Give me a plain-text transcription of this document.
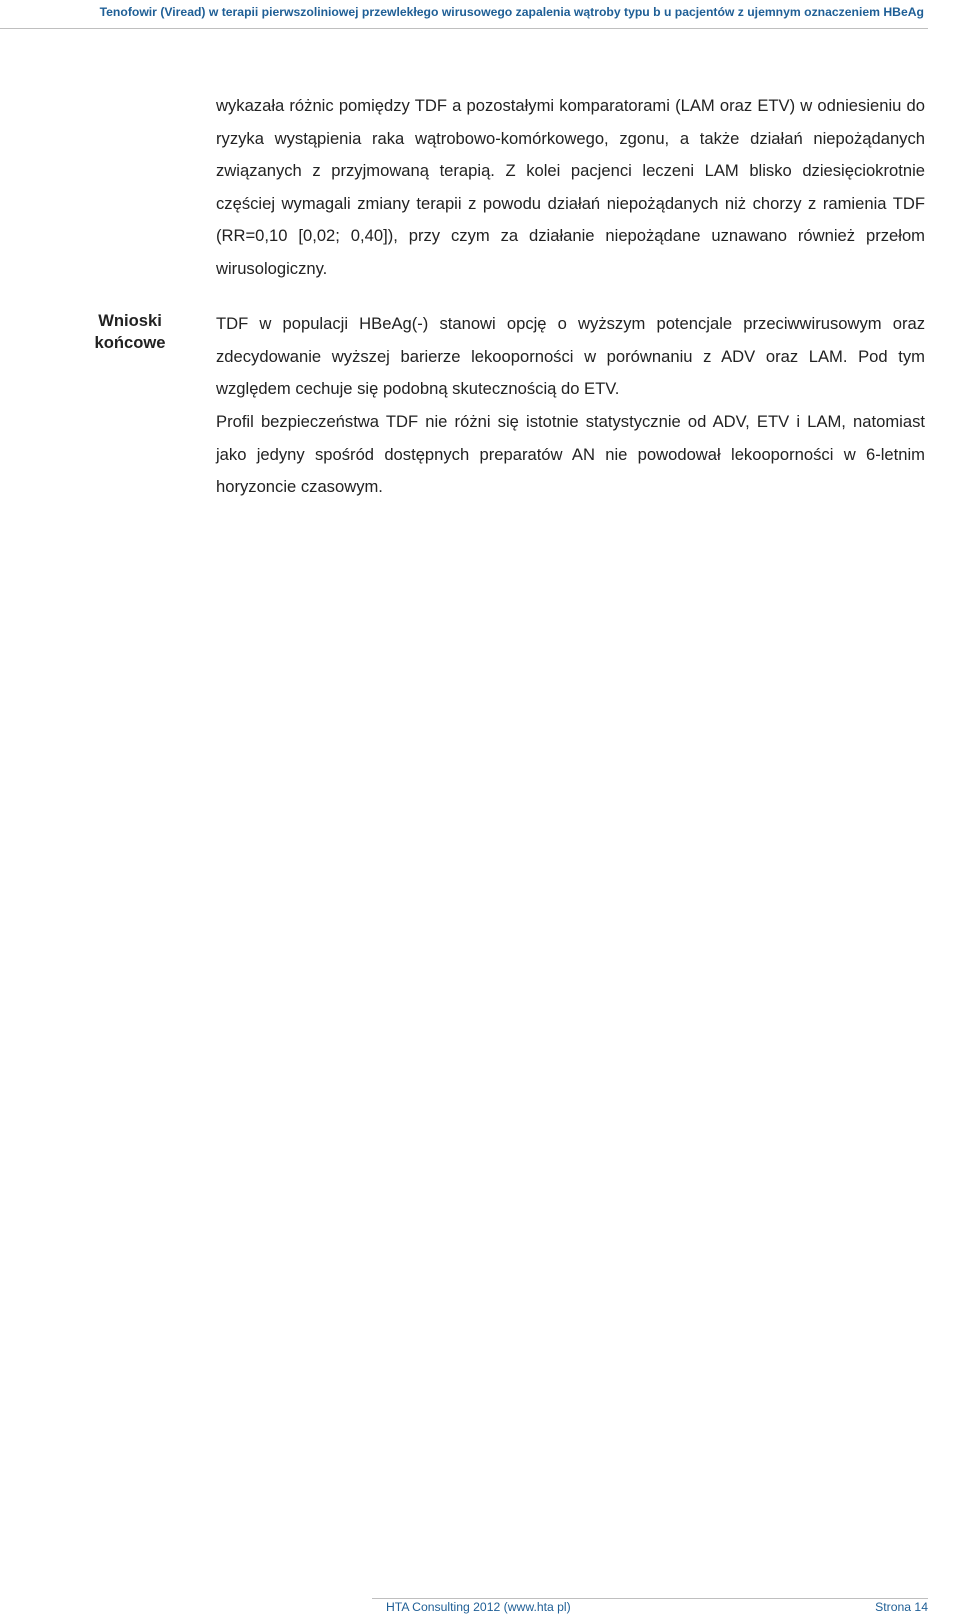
Tenofowir (Viread) w terapii pierwszoliniowej przewlekłego wirusowego zapalenia wątroby typu b u pacjentów z ujemnym oznaczeniem HBeAg

wykazała różnic pomiędzy TDF a pozostałymi komparatorami (LAM oraz ETV) w odniesieniu do ryzyka wystąpienia raka wątrobowo-komórkowego, zgonu, a także działań niepożądanych związanych z przyjmowaną terapią. Z kolei pacjenci leczeni LAM blisko dziesięciokrotnie częściej wymagali zmiany terapii z powodu działań niepożądanych niż chorzy z ramienia TDF (RR=0,10 [0,02; 0,40]), przy czym za działanie niepożądane uznawano również przełom wirusologiczny.

Wnioski końcowe

TDF w populacji HBeAg(-) stanowi opcję o wyższym potencjale przeciwwirusowym oraz zdecydowanie wyższej barierze lekooporności w porównaniu z ADV oraz LAM. Pod tym względem cechuje się podobną skutecznością do ETV.

Profil bezpieczeństwa TDF nie różni się istotnie statystycznie od ADV, ETV i LAM, natomiast jako jedyny spośród dostępnych preparatów AN nie powodował lekooporności w 6-letnim horyzoncie czasowym.

HTA Consulting 2012 (www.hta pl)	Strona 14
